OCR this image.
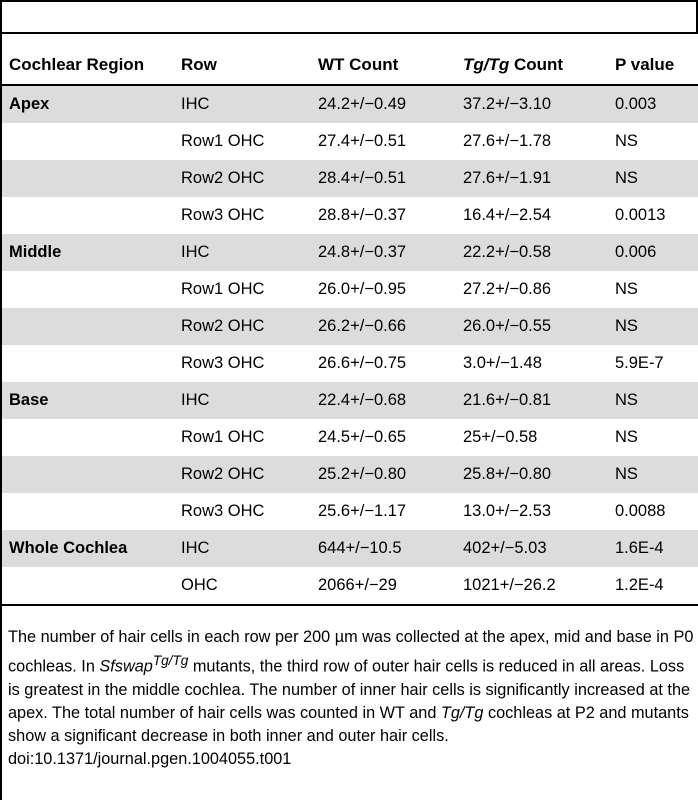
Cochlear Region	Row	WT Count	Tg/Tg Count	P value
Apex	IHC	24.2+/−0.49	37.2+/−3.10	0.003
	Row1 OHC	27.4+/−0.51	27.6+/−1.78	NS
	Row2 OHC	28.4+/−0.51	27.6+/−1.91	NS
	Row3 OHC	28.8+/−0.37	16.4+/−2.54	0.0013
Middle	IHC	24.8+/−0.37	22.2+/−0.58	0.006
	Row1 OHC	26.0+/−0.95	27.2+/−0.86	NS
	Row2 OHC	26.2+/−0.66	26.0+/−0.55	NS
	Row3 OHC	26.6+/−0.75	3.0+/−1.48	5.9E-7
Base	IHC	22.4+/−0.68	21.6+/−0.81	NS
	Row1 OHC	24.5+/−0.65	25+/−0.58	NS
	Row2 OHC	25.2+/−0.80	25.8+/−0.80	NS
	Row3 OHC	25.6+/−1.17	13.0+/−2.53	0.0088
Whole Cochlea	IHC	644+/−10.5	402+/−5.03	1.6E-4
	OHC	2066+/−29	1021+/−26.2	1.2E-4

The number of hair cells in each row per 200 µm was collected at the apex, mid and base in P0 cochleas. In Sfswap$^{Tg/Tg}$ mutants, the third row of outer hair cells is reduced in all areas. Loss is greatest in the middle cochlea. The number of inner hair cells is significantly increased at the apex. The total number of hair cells was counted in WT and Tg/Tg cochleas at P2 and mutants show a significant decrease in both inner and outer hair cells.

doi:10.1371/journal.pgen.1004055.t001
